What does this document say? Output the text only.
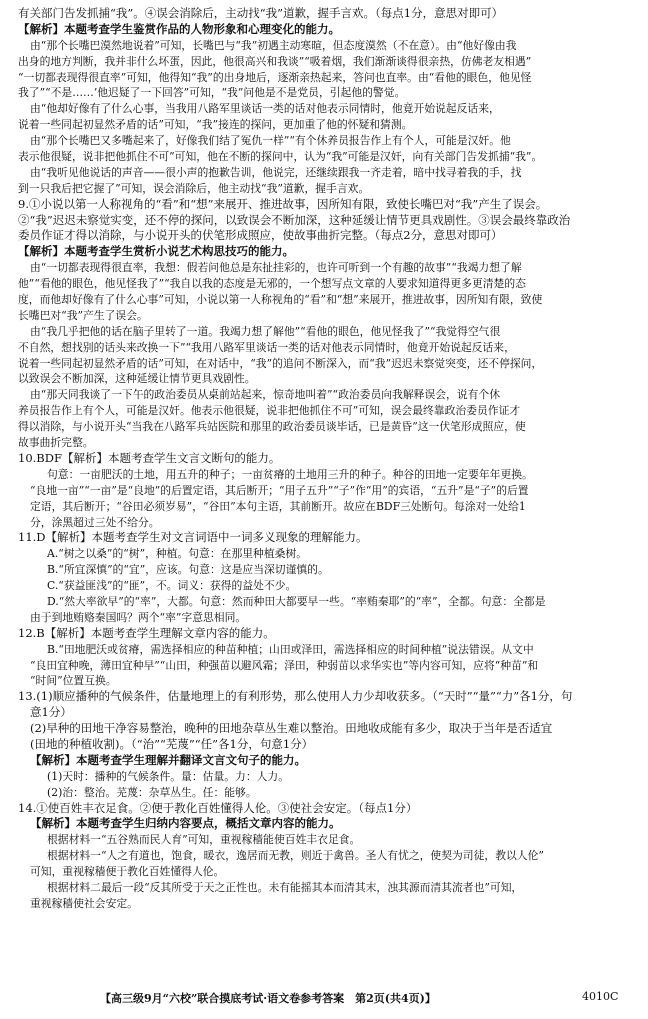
有关部门告发抓捕“我”。④误会消除后，主动找“我”道歉，握手言欢。（每点1分，意思对即可）
【解析】本题考查学生鉴赏作品的人物形象和心理变化的能力。
由“那个长嘴巴漠然地说着”可知，长嘴巴与“我”初遇主动寒暄，但态度漠然（不在意）。由“他好像由我
出身的地方判断，我并非什么坏蛋，因此，他很高兴和我谈”“吸着烟，我们渐渐谈得很亲热，仿佛老友相遇”
“一切都表现得很直率”可知，他得知“我”的出身地后，逐渐亲热起来，答问也直率。由“看他的眼色，他见怪
我了”“不是……’他迟疑了一下回答”可知，“我”问他是不是党员，引起他的警觉。
由“他却好像有了什么心事，当我用八路军里谈话一类的话对他表示同情时，他竟开始说起反话来，
说着一些同起初显然矛盾的话”可知，“我”接连的探问，更加重了他的怀疑和猜测。
由“那个长嘴巴又多嘴起来了，好像我们结了冤仇一样”“有个休养员报告作上有个人，可能是汉奸。他
表示他很疑，说非把他抓住不可”可知，他在不断的探问中，认为“我”可能是汉奸，向有关部门告发抓捕“我”。
由“我听见他说话的声音——很小声的抱歉告训，他说完，还继续跟我一齐走着，暗中找寻着我的手，找
到一只我后把它握了”可知，误会消除后，他主动找“我”道歉，握手言欢。
9.①小说以第一人称视角的“看”和“想”来展开、推进故事，因所知有限，致使长嘴巴对“我”产生了误会。
②“我”迟迟未察觉实变，还不停的探问，以致误会不断加深，这种延缓让情节更具戏剧性。③误会最终靠政治
委员作证才得以消除，与小说开头的伏笔形成照应，使故事曲折完整。（每点2分，意思对即可）
【解析】本题考查学生赏析小说艺术构思技巧的能力。
由“一切都表现得很直率，我想：假若问他总是东扯挂彩的，也许可听到一个有趣的故事”“我竭力想了解
他”“看他的眼色，他见怪我了”“我自以我的态度是无邪的，一个想写点文章的人要求知道得更多更清楚的态
度，而他却好像有了什么心事”可知，小说以第一人称视角的“看”和“想”来展开，推进故事，因所知有限，致使
长嘴巴对“我”产生了误会。
由“我几乎把他的话在脑子里转了一道。我竭力想了解他”“看他的眼色，他见怪我了”“我觉得空气很
不自然，想找别的话头来改换一下”“我用八路军里谈话一类的话对他表示同情时，他竟开始说起反话来，
说着一些同起初显然矛盾的话”可知，在对话中，“我”的追问不断深入，而“我”迟迟未察觉突变，还不停探问，
以致误会不断加深，这种延缓让情节更具戏剧性。
由“那天同我谈了一下午的政治委员从桌前站起来，惊奇地叫着”“政治委员向我解释误会，说有个休
养员报告作上有个人，可能是汉奸。他表示他很疑，说非把他抓住不可”可知，误会最终靠政治委员作证才
得以消除，与小说开头“当我在八路军兵站医院和那里的政治委员谈毕话，已是黄昏”这一伏笔形成照应，使
故事曲折完整。
10.BDF【解析】本题考查学生文言文断句的能力。
句意：一亩肥沃的土地，用五升的种子；一亩贫瘠的土地用三升的种子。种谷的田地一定要年年更换。
“良地一亩”“一亩”是“良地”的后置定语，其后断开；“用子五升”“子”作“用”的宾语，“五升”是“子”的后置
定语，其后断开；“谷田必须岁易”，“谷田”本句主语，其前断开。故应在BDF三处断句。每涂对一处给1
分，涂黑超过三处不给分。
11.D【解析】本题考查学生对文言词语中一词多义现象的理解能力。
A.“树之以桑”的“树”，种植。句意：在那里种植桑树。
B.“所宜深慎”的“宜”，应该。句意：这是应当深切谨慎的。
C.“获益匪浅”的“匪”，不。词义：获得的益处不少。
D.“然大率欲早”的“率”，大都。句意：然而种田大都要早一些。“率贿秦耶”的“率”，全都。句意：全都是
由于到地贿赂秦国吗？两个“率”字意思相同。
12.B【解析】本题考查学生理解文章内容的能力。
B.“田地肥沃或贫瘠，需选择相应的种苗种植；山田或泽田，需选择相应的时间种植”说法错误。从文中
“良田宜种晚，薄田宜种早”“山田，种强苗以避风霜；泽田，种弱苗以求华实也”等内容可知，应将“种苗”和
“时间”位置互换。
13.(1)顺应播种的气候条件，估量地理上的有利形势，那么使用人力少却收获多。（“天时”“量”“力”各1分，句
意1分）
(2)早种的田地干净容易整治，晚种的田地杂草丛生难以整治。田地收成能有多少，取决于当年是否适宜
(田地的种植收割)。（“治”“芜蔑”“任”各1分，句意1分）
【解析】本题考查学生理解并翻译文言文句子的能力。
(1)天时：播种的气候条件。量：估量。力：人力。
(2)治：整治。芜蔑：杂草丛生。任：能够。
14.①使百姓丰衣足食。②便于教化百姓懂得人伦。③使社会安定。（每点1分）
【解析】本题考查学生归纳内容要点，概括文章内容的能力。
根据材料一“五谷熟而民人育”可知，重视稼穑能使百姓丰衣足食。
根据材料一“人之有道也，饱食，暖衣，逸居而无教，则近于禽兽。圣人有忧之，使契为司徒，教以人伦”
可知，重视稼穑便于教化百姓懂得人伦。
根据材料二最后一段“反其所受于天之正性也。未有能摇其本而清其末，浊其源而清其流者也”可知，
重视稼穑使社会安定。
【高三级9月“六校”联合摸底考试·语文卷参考答案　第2页(共4页)】	4010C
